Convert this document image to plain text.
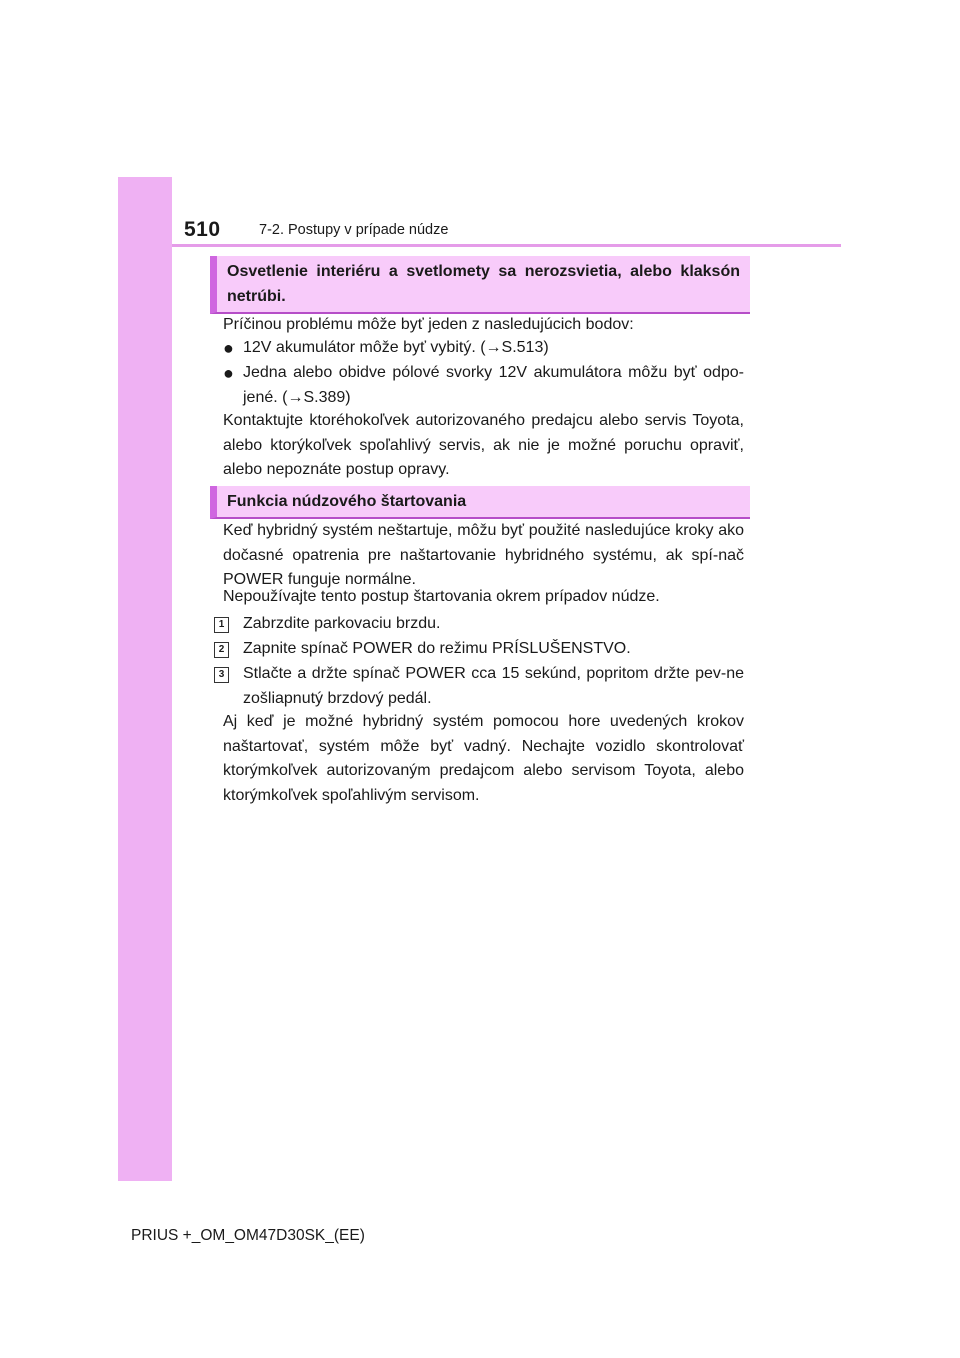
510	7-2. Postupy v prípade núdze
Osvetlenie interiéru a svetlomety sa nerozsvietia, alebo klaksón netrúbi.
Príčinou problému môže byť jeden z nasledujúcich bodov:
● 12V akumulátor môže byť vybitý. (→S.513)
● Jedna alebo obidve pólové svorky 12V akumulátora môžu byť odpo-jené. (→S.389)
Kontaktujte ktoréhokoľvek autorizovaného predajcu alebo servis Toyota, alebo ktorýkoľvek spoľahlivý servis, ak nie je možné poruchu opraviť, alebo nepoznáte postup opravy.
Funkcia núdzového štartovania
Keď hybridný systém neštartuje, môžu byť použité nasledujúce kroky ako dočasné opatrenia pre naštartovanie hybridného systému, ak spí-nač POWER funguje normálne.
Nepoužívajte tento postup štartovania okrem prípadov núdze.
1 Zabrzdite parkovaciu brzdu.
2 Zapnite spínač POWER do režimu PRÍSLUŠENSTVO.
3 Stlačte a držte spínač POWER cca 15 sekúnd, popritom držte pev-ne zošliapnutý brzdový pedál.
Aj keď je možné hybridný systém pomocou hore uvedených krokov naštartovať, systém môže byť vadný. Nechajte vozidlo skontrolovať ktorýmkoľvek autorizovaným predajcom alebo servisom Toyota, alebo ktorýmkoľvek spoľahlivým servisom.
PRIUS +_OM_OM47D30SK_(EE)
